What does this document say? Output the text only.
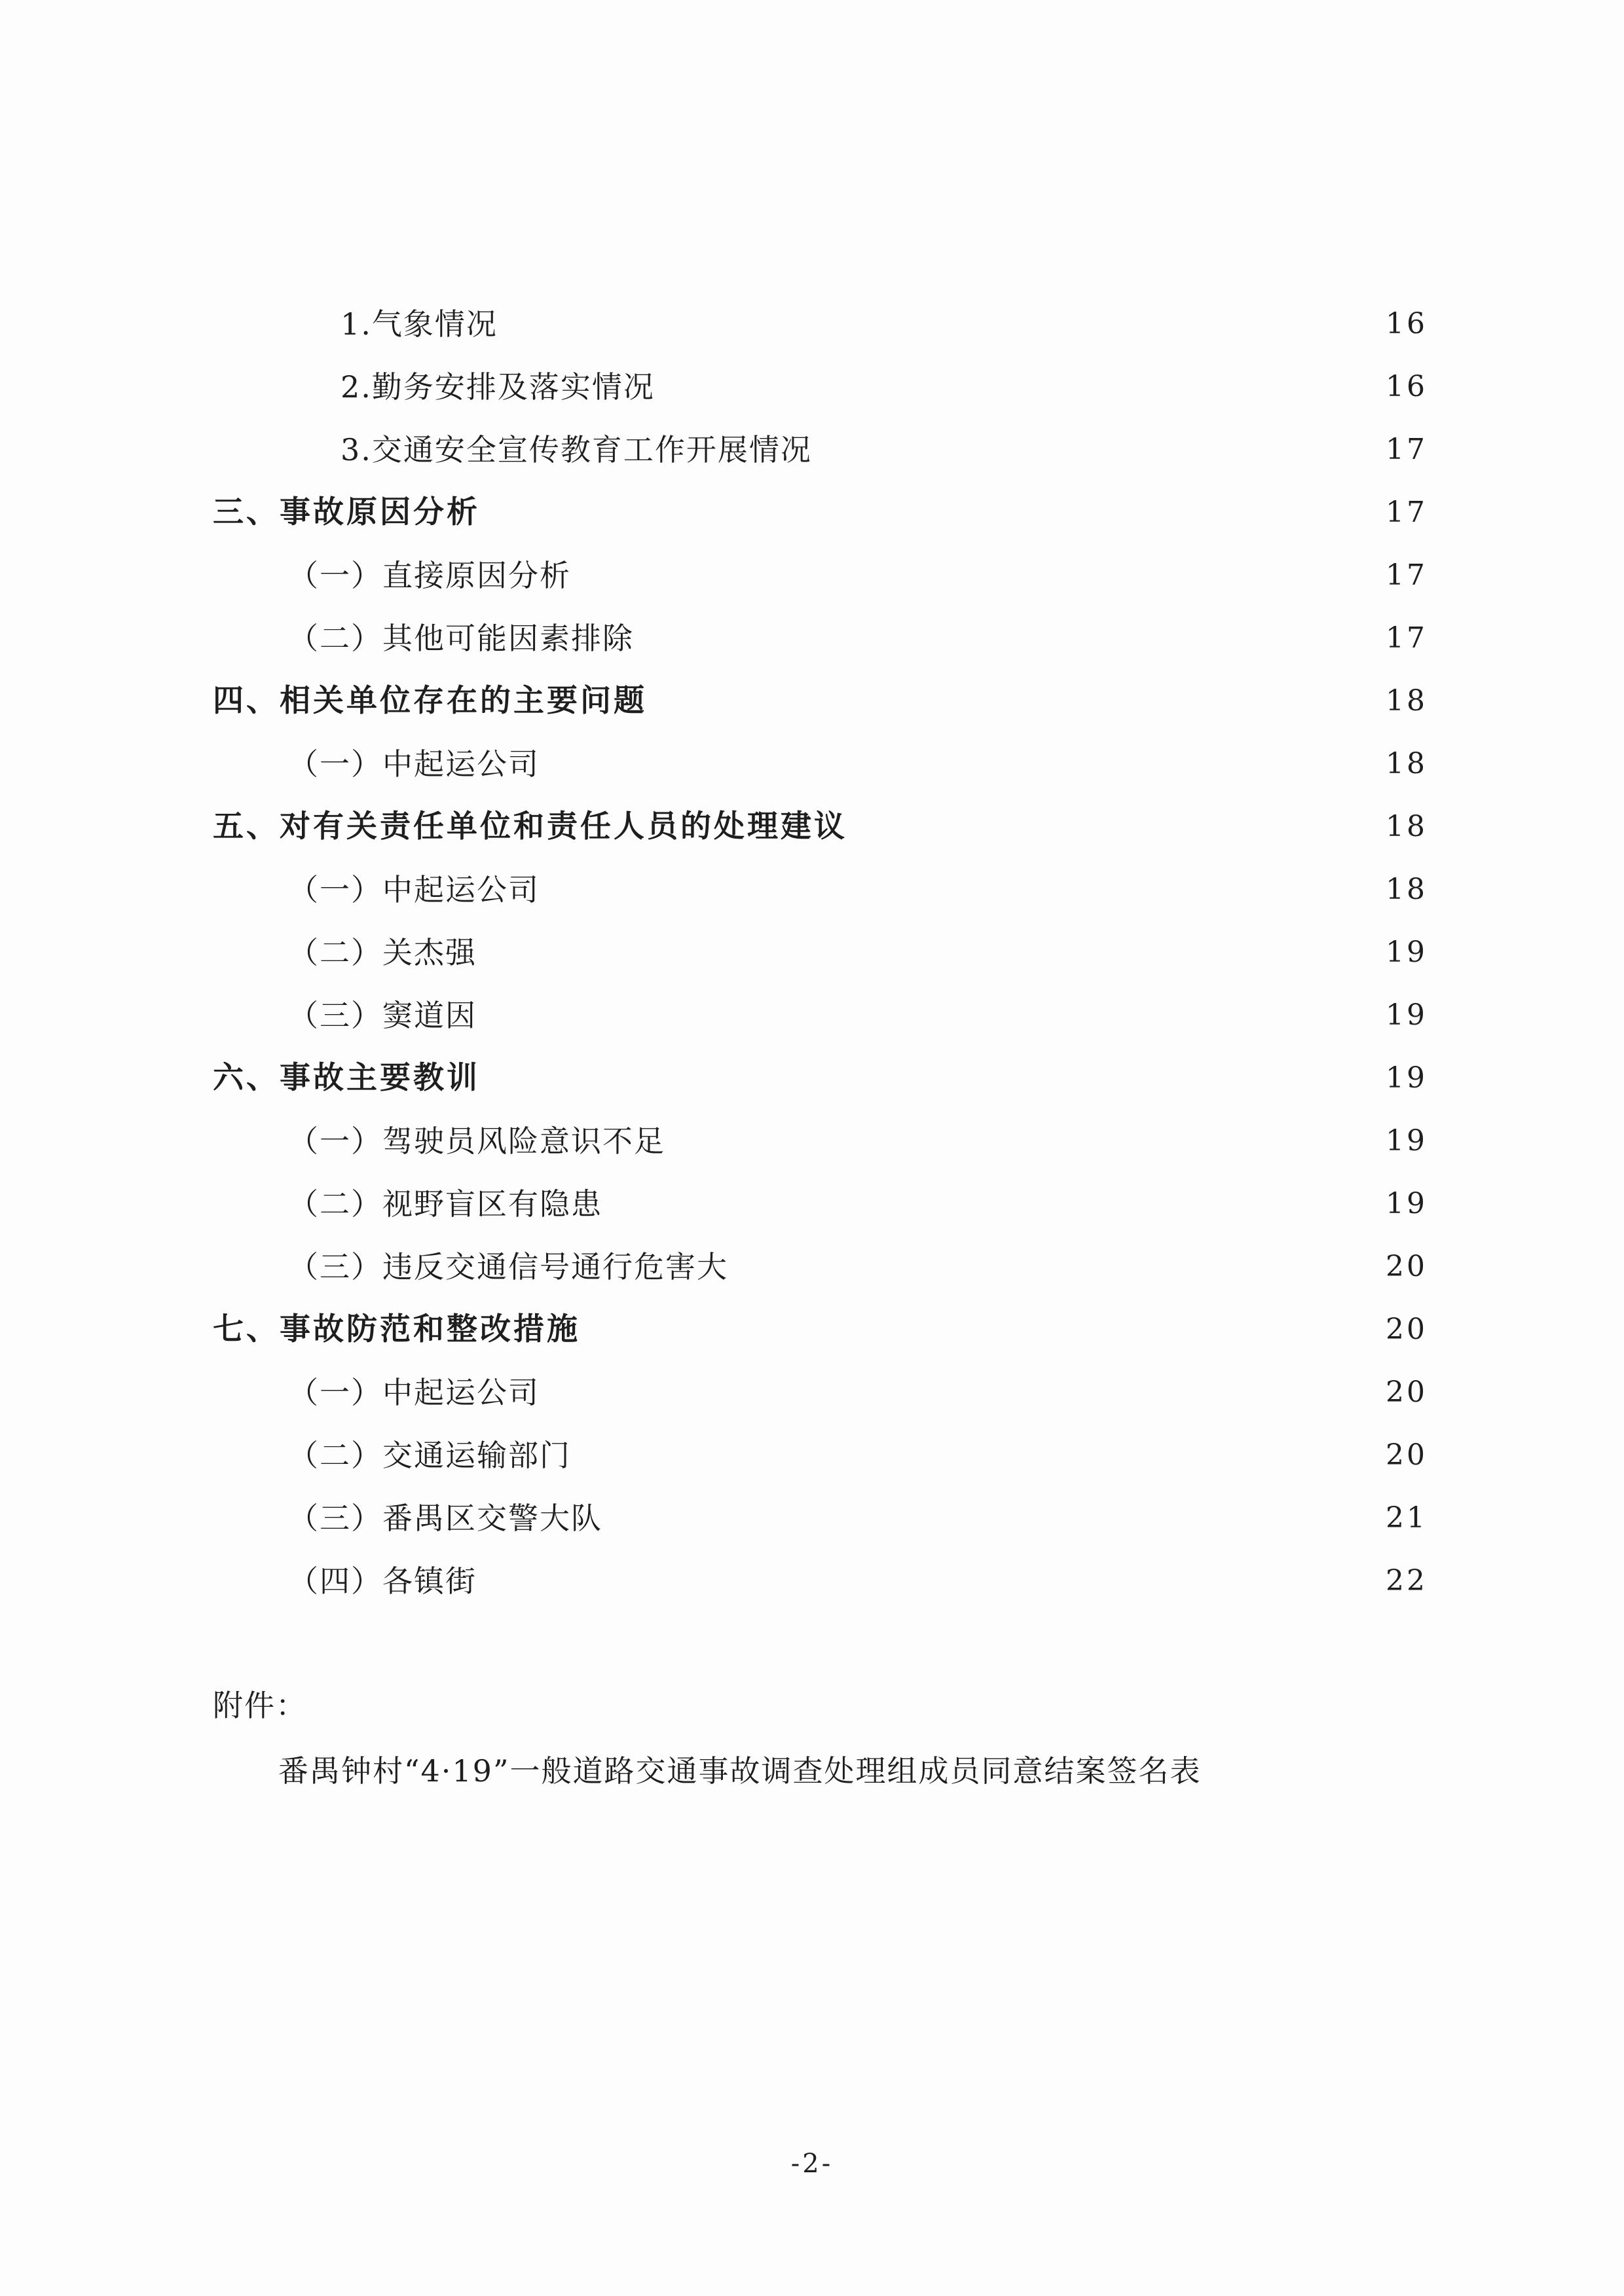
1.气象情况	16
2.勤务安排及落实情况	16
3.交通安全宣传教育工作开展情况	17
三、事故原因分析	17
（一）直接原因分析	17
（二）其他可能因素排除	17
四、相关单位存在的主要问题	18
（一）中起运公司	18
五、对有关责任单位和责任人员的处理建议	18
（一）中起运公司	18
（二）关杰强	19
（三）窦道因	19
六、事故主要教训	19
（一）驾驶员风险意识不足	19
（二）视野盲区有隐患	19
（三）违反交通信号通行危害大	20
七、事故防范和整改措施	20
（一）中起运公司	20
（二）交通运输部门	20
（三）番禺区交警大队	21
（四）各镇街	22
附件：
番禺钟村“4·19”一般道路交通事故调查处理组成员同意结案签名表
-2-
